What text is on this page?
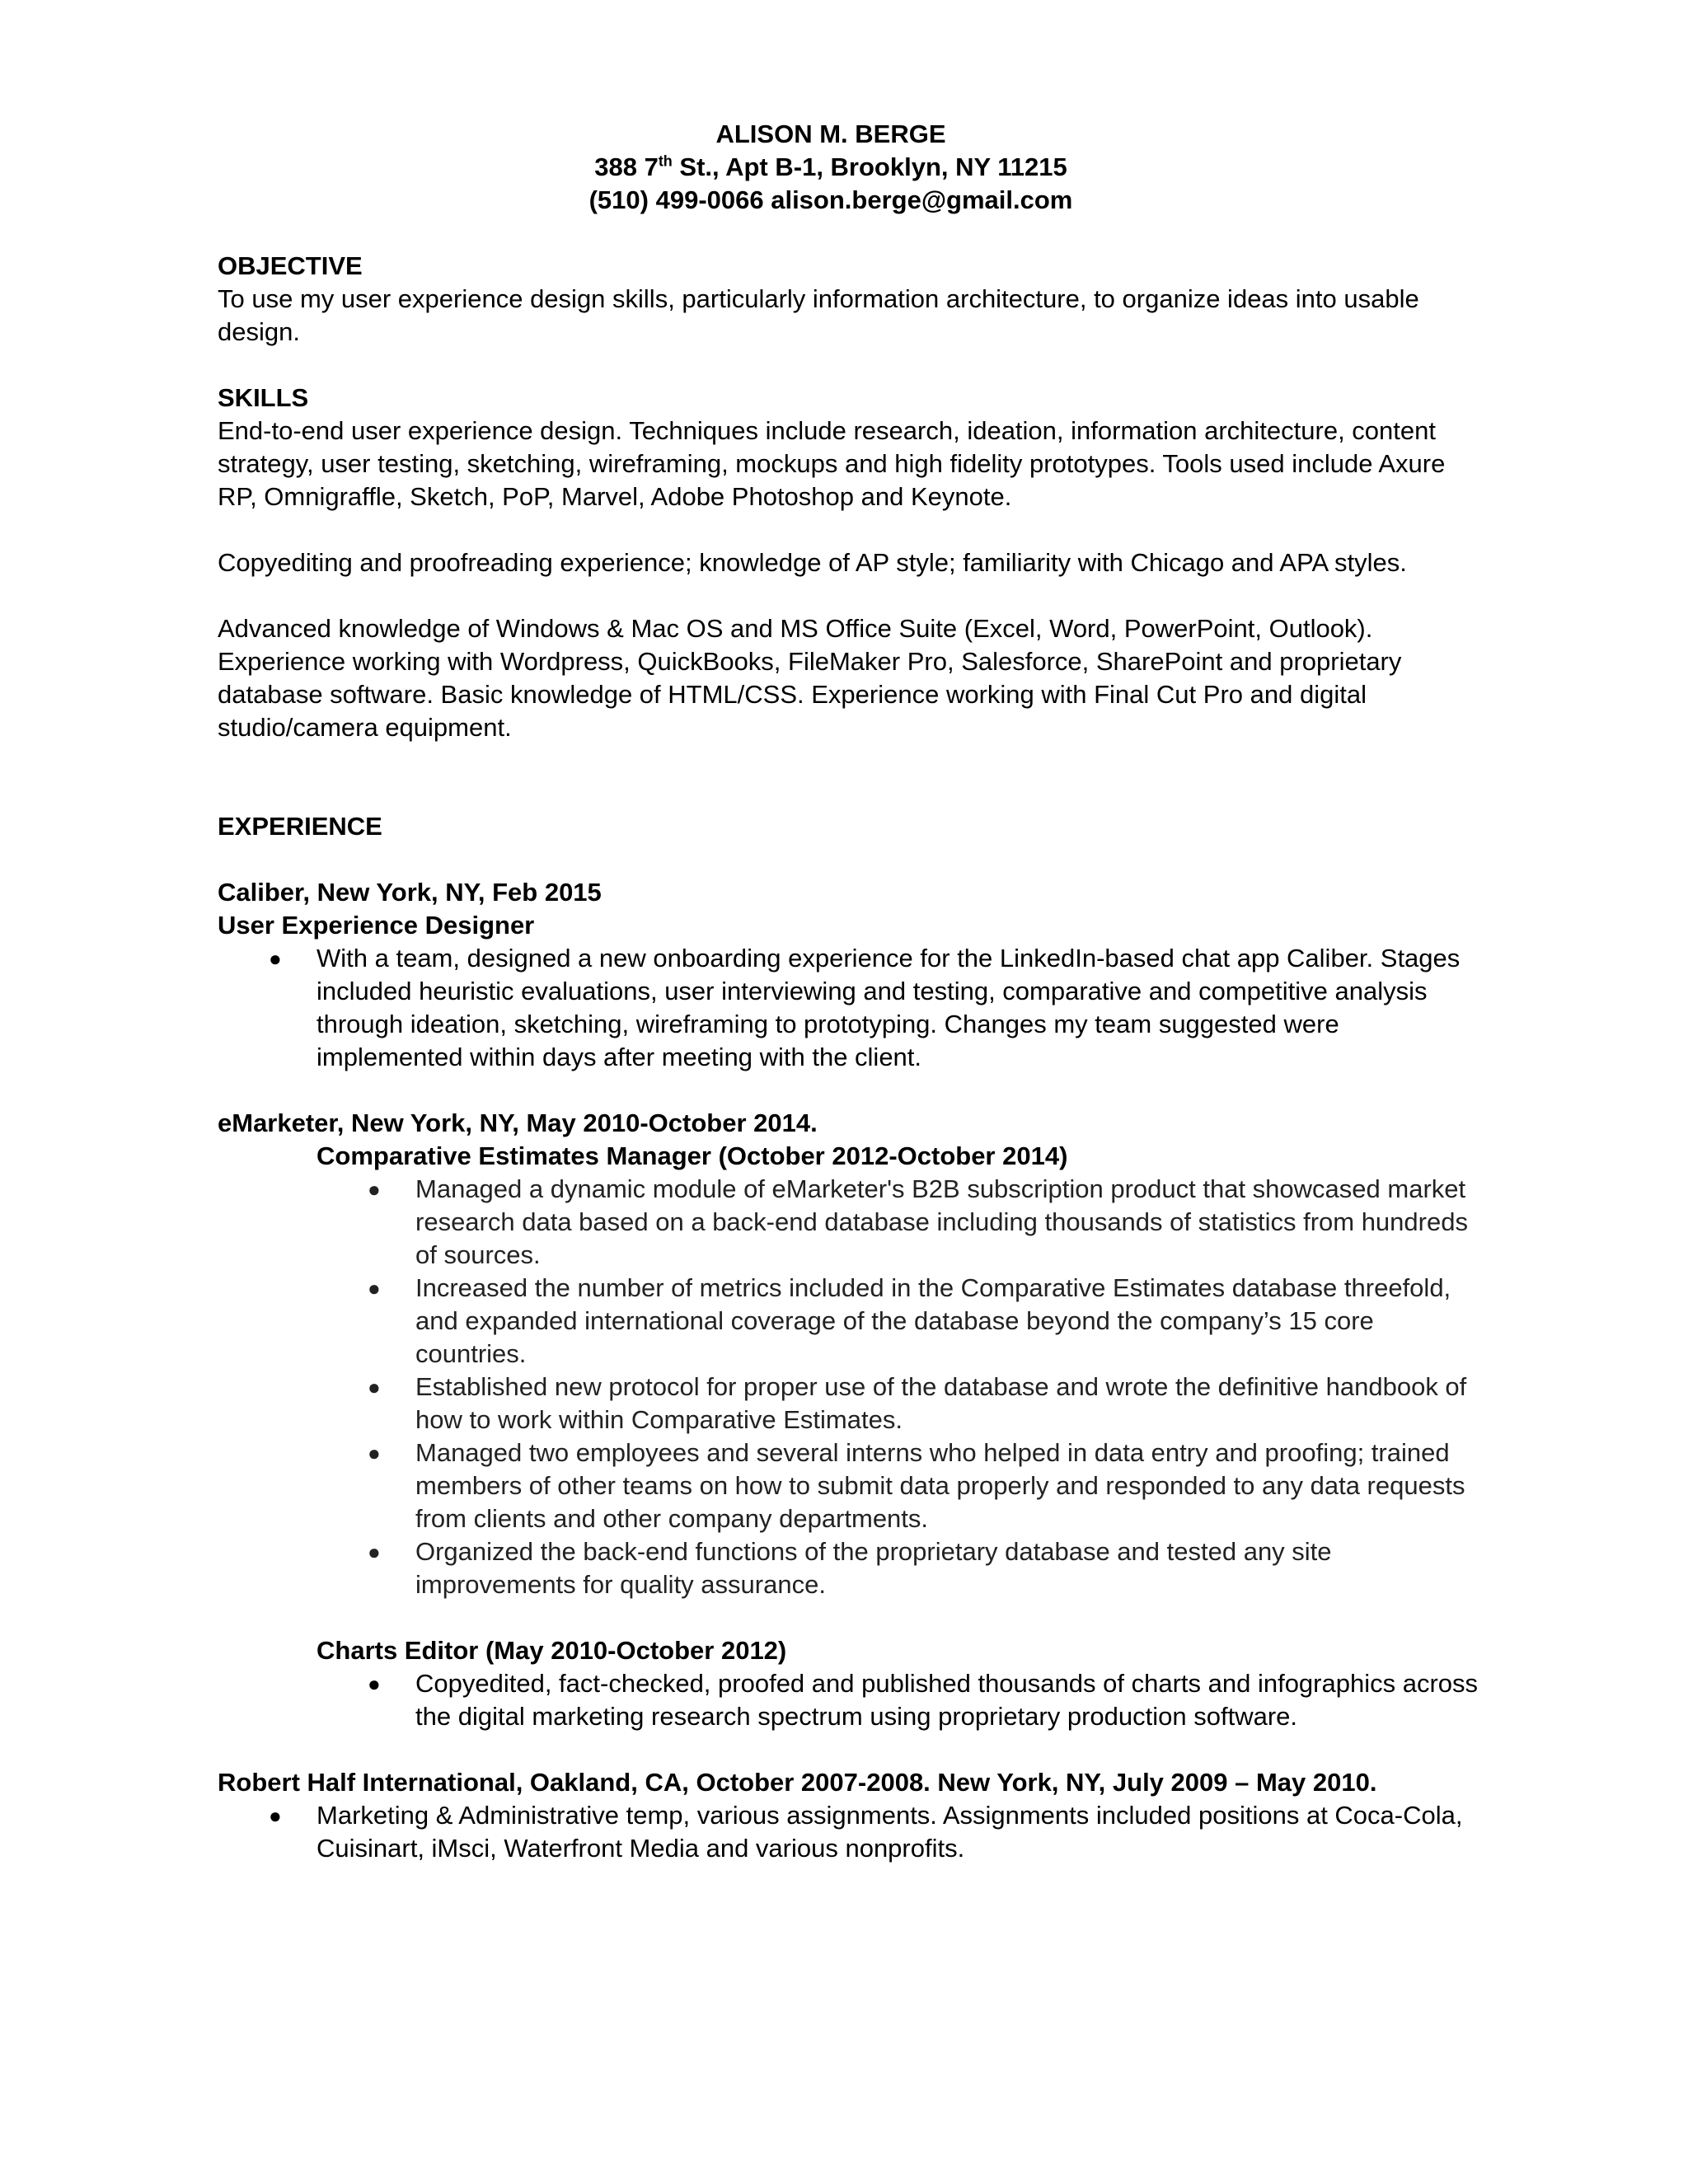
ALISON M. BERGE
388 7th St., Apt B-1, Brooklyn, NY 11215
(510) 499-0066 alison.berge@gmail.com
OBJECTIVE

To use my user experience design skills, particularly information architecture, to organize ideas into usable design.

SKILLS

End-to-end user experience design. Techniques include research, ideation, information architecture, content strategy, user testing, sketching, wireframing, mockups and high fidelity prototypes. Tools used include Axure RP, Omnigraffle, Sketch, PoP, Marvel, Adobe Photoshop and Keynote.

Copyediting and proofreading experience; knowledge of AP style; familiarity with Chicago and APA styles.

Advanced knowledge of Windows & Mac OS and MS Office Suite (Excel, Word, PowerPoint, Outlook). Experience working with Wordpress, QuickBooks, FileMaker Pro, Salesforce, SharePoint and proprietary database software. Basic knowledge of HTML/CSS. Experience working with Final Cut Pro and digital studio/camera equipment.

EXPERIENCE
Caliber, New York, NY, Feb 2015
User Experience Designer
● With a team, designed a new onboarding experience for the LinkedIn-based chat app Caliber. Stages included heuristic evaluations, user interviewing and testing, comparative and competitive analysis through ideation, sketching, wireframing to prototyping. Changes my team suggested were implemented within days after meeting with the client.
eMarketer, New York, NY, May 2010-October 2014.
Comparative Estimates Manager (October 2012-October 2014)
● Managed a dynamic module of eMarketer's B2B subscription product that showcased market research data based on a back-end database including thousands of statistics from hundreds of sources.
● Increased the number of metrics included in the Comparative Estimates database threefold, and expanded international coverage of the database beyond the company’s 15 core countries.
● Established new protocol for proper use of the database and wrote the definitive handbook of how to work within Comparative Estimates.
● Managed two employees and several interns who helped in data entry and proofing; trained members of other teams on how to submit data properly and responded to any data requests from clients and other company departments.
● Organized the back-end functions of the proprietary database and tested any site improvements for quality assurance.
Charts Editor (May 2010-October 2012)
● Copyedited, fact-checked, proofed and published thousands of charts and infographics across the digital marketing research spectrum using proprietary production software.
Robert Half International, Oakland, CA, October 2007-2008. New York, NY, July 2009 – May 2010.
● Marketing & Administrative temp, various assignments. Assignments included positions at Coca-Cola, Cuisinart, iMsci, Waterfront Media and various nonprofits.
